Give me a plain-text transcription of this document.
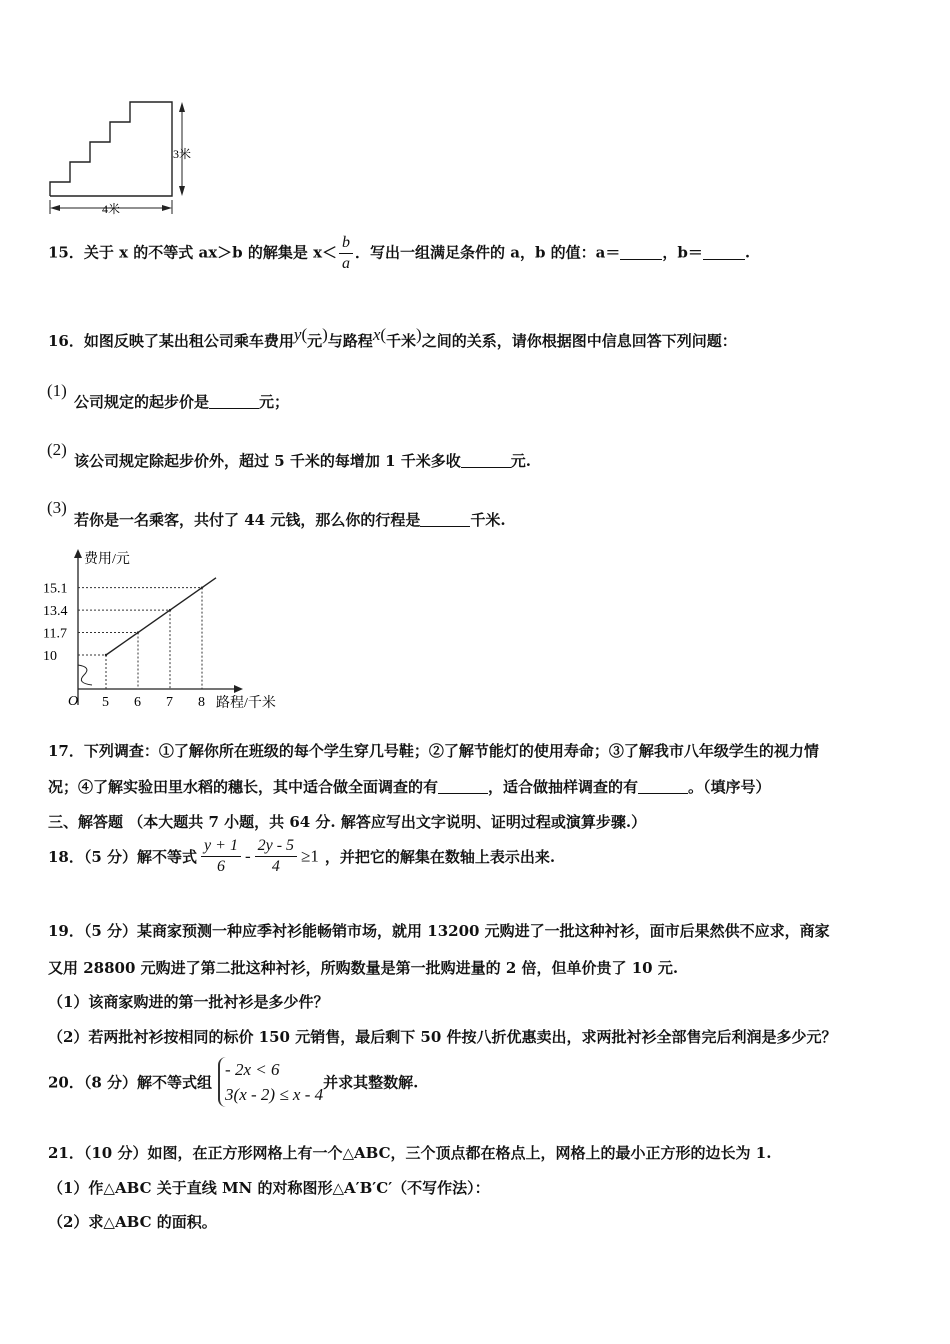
3米
4米
15．关于 x 的不等式 ax＞b 的解集是 $x< \frac{b}{a}$ ．写出一组满足条件的 a，b 的值：a＝	，b＝	.
16．如图反映了某出租公司乘车费用y(元)与路程x(千米)之间的关系，请你根据图中信息回答下列问题：
(1)
公司规定的起步价是	元；
(2)
该公司规定除起步价外，超过 5 千米的每增加 1 千米多收	元.
(3)
若你是一名乘客，共付了 44 元钱，那么你的行程是	千米.
费用/元
路程/千米
O 5
10
6
11.7
7
13.4
8
15.1
17．下列调查：①了解你所在班级的每个学生穿几号鞋；②了解节能灯的使用寿命；③了解我市八年级学生的视力情
况；④了解实验田里水稻的穗长，其中适合做全面调查的有	，适合做抽样调查的有	。（填序号）
三、解答题 （本大题共 7 小题，共 64 分. 解答应写出文字说明、证明过程或演算步骤.）
18．（5 分）解不等式 $\frac{y + 1}{6} - \frac{2y - 5}{4} \ge 1$ ，并把它的解集在数轴上表示出来.
19．（5 分）某商家预测一种应季衬衫能畅销市场，就用 13200 元购进了一批这种衬衫，面市后果然供不应求，商家
又用 28800 元购进了第二批这种衬衫，所购数量是第一批购进量的 2 倍，但单价贵了 10 元.
（1）该商家购进的第一批衬衫是多少件？
（2）若两批衬衫按相同的标价 150 元销售，最后剩下 50 件按八折优惠卖出，求两批衬衫全部售完后利润是多少元？
20．（8 分）解不等式组
- 2x < 6
3(x - 2) ≤ x - 4
并求其整数解.
21．（10 分）如图，在正方形网格上有一个△ABC，三个顶点都在格点上，网格上的最小正方形的边长为 1.
（1）作△ABC 关于直线 MN 的对称图形△A′B′C′（不写作法）：
（2）求△ABC 的面积。
